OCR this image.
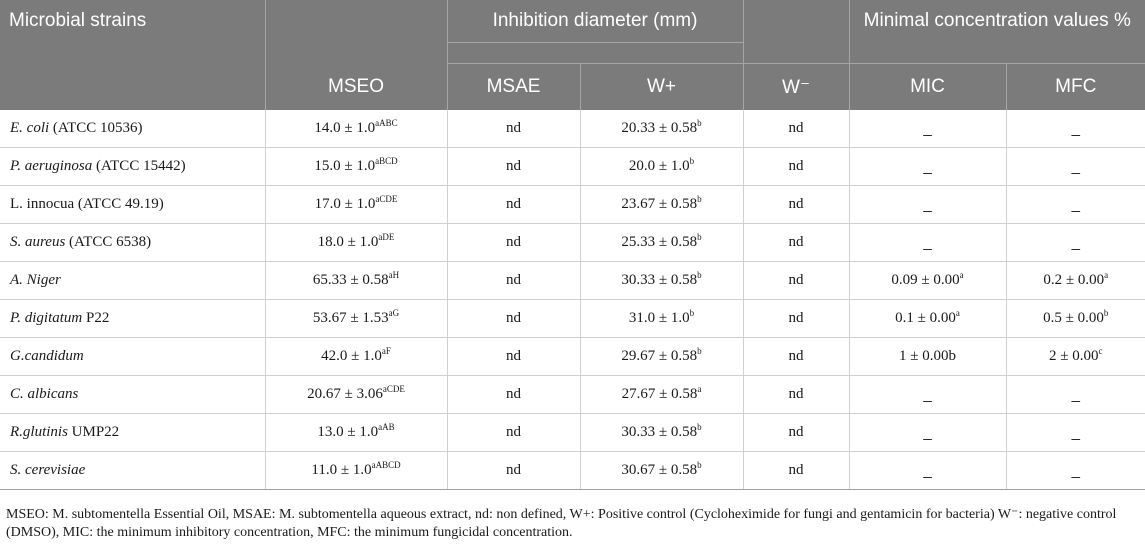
Microbial strains		Inhibition diameter (mm)			Minimal concentration values %	

	MSEO	MSAE	W+	W⁻	MIC	MFC
E. coli (ATCC 10536)	$14.0 \pm 1.0^{aABC}$	nd	20.33 ± 0.58$^b$	nd	_	_
P. aeruginosa (ATCC 15442)	$15.0 \pm 1.0^{aBCD}$	nd	20.0 ± 1.0$^b$	nd	_	_
L. innocua (ATCC 49.19)	$17.0 \pm 1.0^{aCDE}$	nd	23.67 ± 0.58$^b$	nd	_	_
S. aureus (ATCC 6538)	$18.0 \pm 1.0^{aDE}$	nd	25.33 ± 0.58$^b$	nd	_	_
A. Niger	$65.33 \pm 0.58^{aH}$	nd	30.33 ± 0.58$^b$	nd	0.09 ± 0.00$^a$	0.2 ± 0.00$^a$
P. digitatum P22	$53.67 \pm 1.53^{aG}$	nd	31.0 ± 1.0$^b$	nd	0.1 ± 0.00$^a$	0.5 ± 0.00$^b$
G.candidum	$42.0 \pm 1.0^{aF}$	nd	29.67 ± 0.58$^b$	nd	1 ± 0.00b	2 ± 0.00$^c$
C. albicans	$20.67 \pm 3.06^{aCDE}$	nd	27.67 ± 0.58$^a$	nd	_	_
R.glutinis UMP22	$13.0 \pm 1.0^{aAB}$	nd	30.33 ± 0.58$^b$	nd	_	_
S. cerevisiae	$11.0 \pm 1.0^{aABCD}$	nd	30.67 ± 0.58$^b$	nd	_	_
MSEO: M. subtomentella Essential Oil, MSAE: M. subtomentella aqueous extract, nd: non defined, W+: Positive control (Cycloheximide for fungi and gentamicin for bacteria) W⁻: negative control (DMSO), MIC: the minimum inhibitory concentration, MFC: the minimum fungicidal concentration.
